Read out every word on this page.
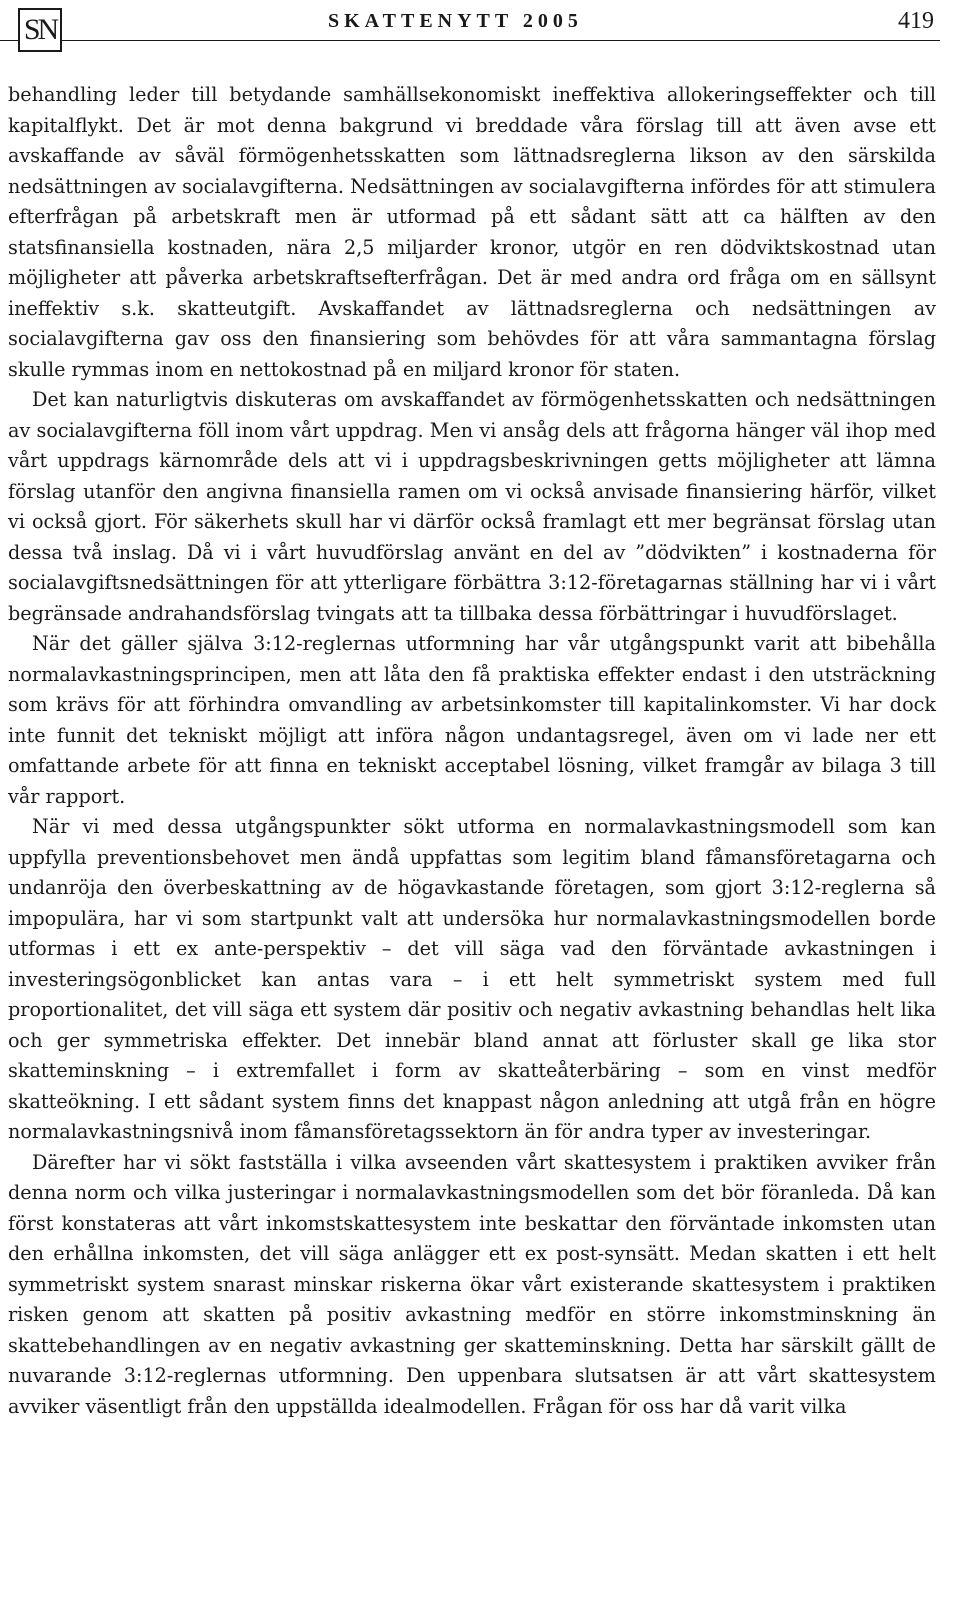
SN	SKATTENYTT 2005	419

behandling leder till betydande samhällsekonomiskt ineffektiva allokeringseffekter och till kapitalflykt. Det är mot denna bakgrund vi breddade våra förslag till att även avse ett avskaffande av såväl förmögenhetsskatten som lättnadsreglerna likson av den särskilda nedsättningen av socialavgifterna. Nedsättningen av socialavgifterna infördes för att stimulera efterfrågan på arbetskraft men är utformad på ett sådant sätt att ca hälften av den statsfinansiella kostnaden, nära 2,5 miljarder kronor, utgör en ren dödviktskostnad utan möjligheter att påverka arbetskraftsefterfrågan. Det är med andra ord fråga om en sällsynt ineffektiv s.k. skatteutgift. Avskaffandet av lättnadsreglerna och nedsättningen av socialavgifterna gav oss den finansiering som behövdes för att våra sammantagna förslag skulle rymmas inom en nettokostnad på en miljard kronor för staten.

Det kan naturligtvis diskuteras om avskaffandet av förmögenhetsskatten och nedsättningen av socialavgifterna föll inom vårt uppdrag. Men vi ansåg dels att frågorna hänger väl ihop med vårt uppdrags kärnområde dels att vi i uppdragsbeskrivningen getts möjligheter att lämna förslag utanför den angivna finansiella ramen om vi också anvisade finansiering härför, vilket vi också gjort. För säkerhets skull har vi därför också framlagt ett mer begränsat förslag utan dessa två inslag. Då vi i vårt huvudförslag använt en del av ”dödvikten” i kostnaderna för socialavgiftsnedsättningen för att ytterligare förbättra 3:12-företagarnas ställning har vi i vårt begränsade andrahandsförslag tvingats att ta tillbaka dessa förbättringar i huvudförslaget.

När det gäller själva 3:12-reglernas utformning har vår utgångspunkt varit att bibehålla normalavkastningsprincipen, men att låta den få praktiska effekter endast i den utsträckning som krävs för att förhindra omvandling av arbetsinkomster till kapitalinkomster. Vi har dock inte funnit det tekniskt möjligt att införa någon undantagsregel, även om vi lade ner ett omfattande arbete för att finna en tekniskt acceptabel lösning, vilket framgår av bilaga 3 till vår rapport.

När vi med dessa utgångspunkter sökt utforma en normalavkastningsmodell som kan uppfylla preventionsbehovet men ändå uppfattas som legitim bland fåmansföretagarna och undanröja den överbeskattning av de högavkastande företagen, som gjort 3:12-reglerna så impopulära, har vi som startpunkt valt att undersöka hur normalavkastningsmodellen borde utformas i ett ex ante-perspektiv – det vill säga vad den förväntade avkastningen i investeringsögonblicket kan antas vara – i ett helt symmetriskt system med full proportionalitet, det vill säga ett system där positiv och negativ avkastning behandlas helt lika och ger symmetriska effekter. Det innebär bland annat att förluster skall ge lika stor skatteminskning – i extremfallet i form av skatteåterbäring – som en vinst medför skatteökning. I ett sådant system finns det knappast någon anledning att utgå från en högre normalavkastningsnivå inom fåmansföretagssektorn än för andra typer av investeringar.

Därefter har vi sökt fastställa i vilka avseenden vårt skattesystem i praktiken avviker från denna norm och vilka justeringar i normalavkastningsmodellen som det bör föranleda. Då kan först konstateras att vårt inkomstskattesystem inte beskattar den förväntade inkomsten utan den erhållna inkomsten, det vill säga anlägger ett ex post-synsätt. Medan skatten i ett helt symmetriskt system snarast minskar riskerna ökar vårt existerande skattesystem i praktiken risken genom att skatten på positiv avkastning medför en större inkomstminskning än skattebehandlingen av en negativ avkastning ger skatteminskning. Detta har särskilt gällt de nuvarande 3:12-reglernas utformning. Den uppenbara slutsatsen är att vårt skattesystem avviker väsentligt från den uppställda idealmodellen. Frågan för oss har då varit vilka
